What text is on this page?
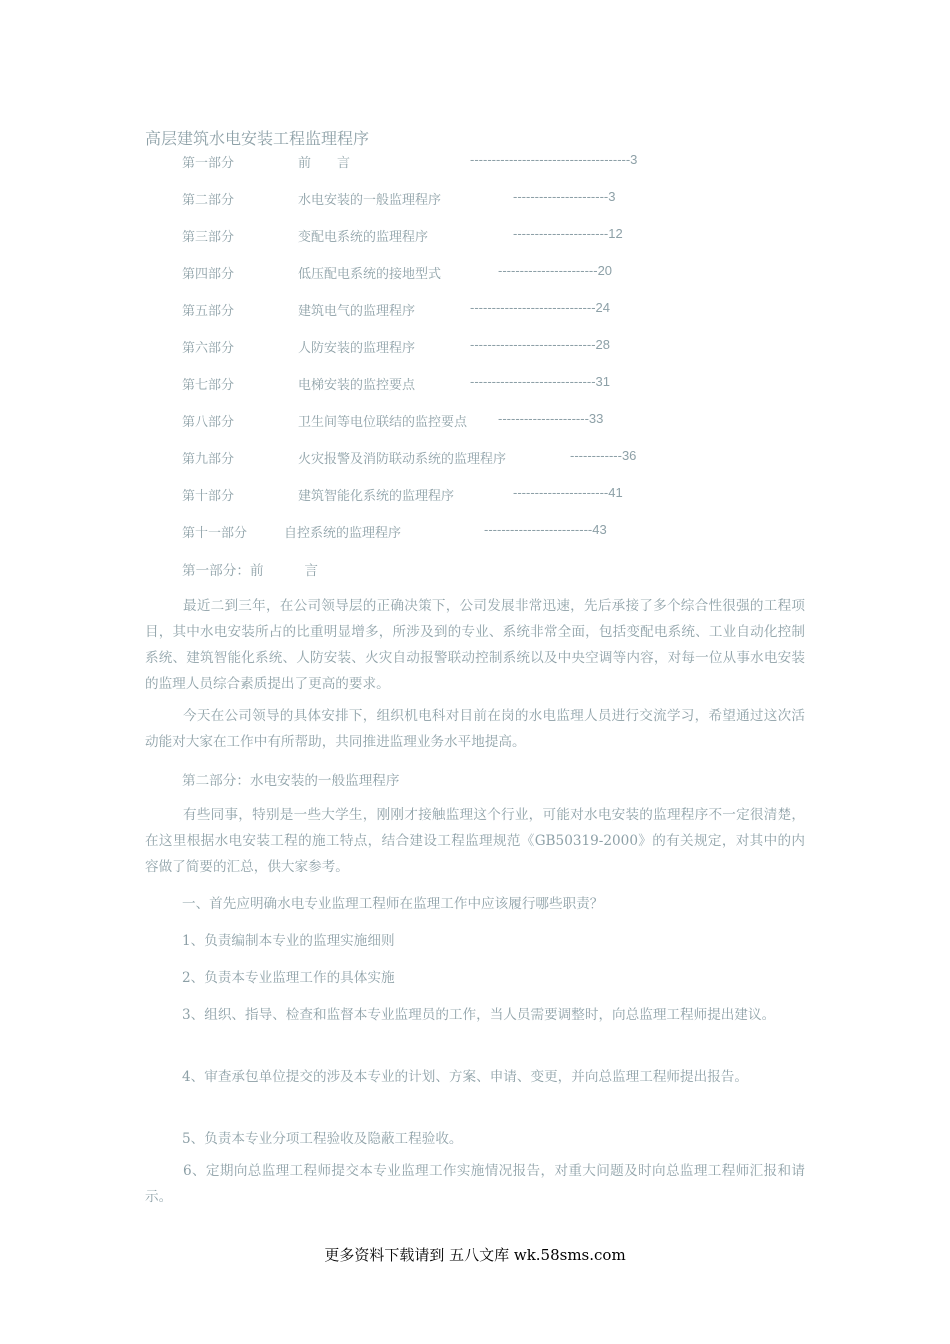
高层建筑水电安装工程监理程序
第一部分	前　　言	-------------------------------------3
第二部分	水电安装的一般监理程序	----------------------3
第三部分	变配电系统的监理程序	----------------------12
第四部分	低压配电系统的接地型式	-----------------------20
第五部分	建筑电气的监理程序	-----------------------------24
第六部分	人防安装的监理程序	-----------------------------28
第七部分	电梯安装的监控要点	-----------------------------31
第八部分	卫生间等电位联结的监控要点 ---------------------33
第九部分	火灾报警及消防联动系统的监理程序	------------36
第十部分	建筑智能化系统的监理程序	----------------------41
第十一部分	自控系统的监理程序	-------------------------43
第一部分：前　　　言
最近二到三年，在公司领导层的正确决策下，公司发展非常迅速，先后承接了多个综合性很强的工程项目，其中水电安装所占的比重明显增多，所涉及到的专业、系统非常全面，包括变配电系统、工业自动化控制系统、建筑智能化系统、人防安装、火灾自动报警联动控制系统以及中央空调等内容，对每一位从事水电安装的监理人员综合素质提出了更高的要求。
今天在公司领导的具体安排下，组织机电科对目前在岗的水电监理人员进行交流学习，希望通过这次活动能对大家在工作中有所帮助，共同推进监理业务水平地提高。
第二部分：水电安装的一般监理程序
有些同事，特别是一些大学生，刚刚才接触监理这个行业，可能对水电安装的监理程序不一定很清楚，在这里根据水电安装工程的施工特点，结合建设工程监理规范《GB50319-2000》的有关规定，对其中的内容做了简要的汇总，供大家参考。
一、首先应明确水电专业监理工程师在监理工作中应该履行哪些职责？
1、负责编制本专业的监理实施细则
2、负责本专业监理工作的具体实施
3、组织、指导、检查和监督本专业监理员的工作，当人员需要调整时，向总监理工程师提出建议。
4、审查承包单位提交的涉及本专业的计划、方案、申请、变更，并向总监理工程师提出报告。
5、负责本专业分项工程验收及隐蔽工程验收。
6、定期向总监理工程师提交本专业监理工作实施情况报告，对重大问题及时向总监理工程师汇报和请示。
更多资料下载请到 五八文库 wk.58sms.com
